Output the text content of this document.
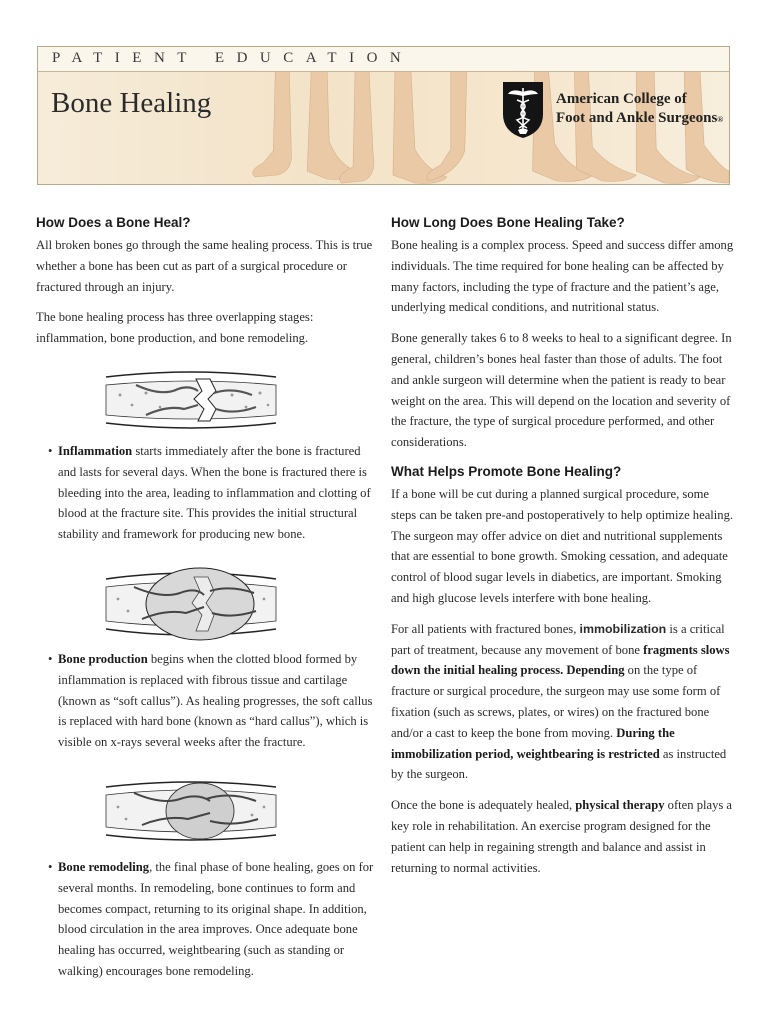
PATIENT EDUCATION
Bone Healing	American College of
Foot and Ankle Surgeons®
How Does a Bone Heal?

All broken bones go through the same healing process. This is true whether a bone has been cut as part of a surgical procedure or fractured through an injury.

The bone healing process has three overlapping stages: inflammation, bone production, and bone remodeling.

• Inflammation starts immediately after the bone is fractured and lasts for several days. When the bone is fractured there is bleeding into the area, leading to inflammation and clotting of blood at the fracture site. This provides the initial structural stability and framework for producing new bone.
• Bone production begins when the clotted blood formed by inflammation is replaced with fibrous tissue and cartilage (known as “soft callus”). As healing progresses, the soft callus is replaced with hard bone (known as “hard callus”), which is visible on x-rays several weeks after the fracture.
• Bone remodeling, the final phase of bone healing, goes on for several months. In remodeling, bone continues to form and becomes compact, returning to its original shape. In addition, blood circulation in the area improves. Once adequate bone healing has occurred, weightbearing (such as standing or walking) encourages bone remodeling.
How Long Does Bone Healing Take?

Bone healing is a complex process. Speed and success differ among individuals. The time required for bone healing can be affected by many factors, including the type of fracture and the patient’s age, underlying medical conditions, and nutritional status.

Bone generally takes 6 to 8 weeks to heal to a significant degree. In general, children’s bones heal faster than those of adults. The foot and ankle surgeon will determine when the patient is ready to bear weight on the area. This will depend on the location and severity of the fracture, the type of surgical procedure performed, and other considerations.

What Helps Promote Bone Healing?

If a bone will be cut during a planned surgical procedure, some steps can be taken pre-and postoperatively to help optimize healing. The surgeon may offer advice on diet and nutritional supplements that are essential to bone growth. Smoking cessation, and adequate control of blood sugar levels in diabetics, are important. Smoking and high glucose levels interfere with bone healing.

For all patients with fractured bones, immobilization is a critical part of treatment, because any movement of bone fragments slows down the initial healing process. Depending on the type of fracture or surgical procedure, the surgeon may use some form of fixation (such as screws, plates, or wires) on the fractured bone and/or a cast to keep the bone from moving. During the immobilization period, weightbearing is restricted as instructed by the surgeon.

Once the bone is adequately healed, physical therapy often plays a key role in rehabilitation. An exercise program designed for the patient can help in regaining strength and balance and assist in returning to normal activities.
